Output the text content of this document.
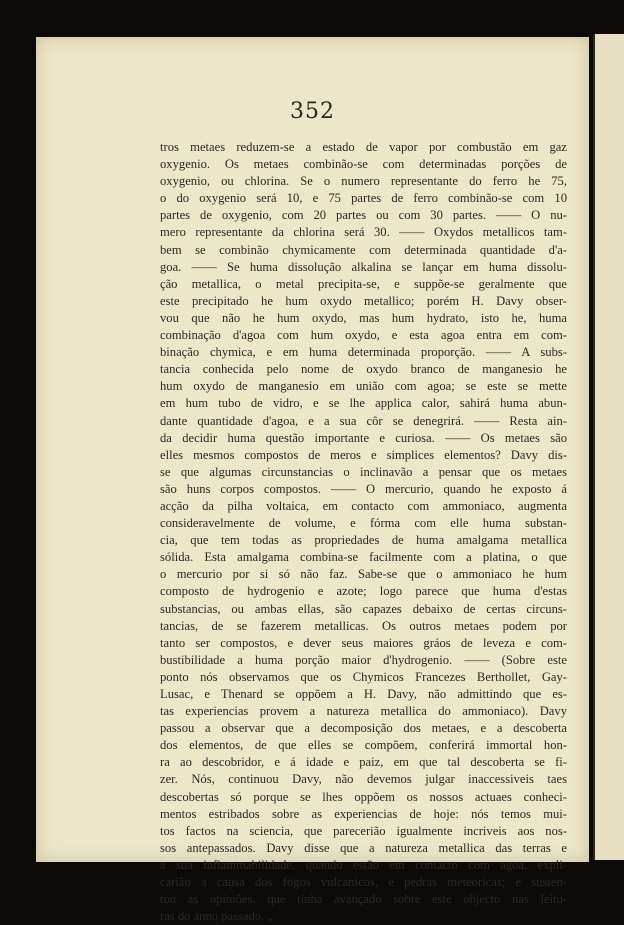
352
tros metaes reduzem-se a estado de vapor por combustão em gaz
oxygenio. Os metaes combinão-se com determinadas porções de
oxygenio, ou chlorina. Se o numero representante do ferro he 75,
o do oxygenio será 10, e 75 partes de ferro combinão-se com 10
partes de oxygenio, com 20 partes ou com 30 partes. —— O nu-
mero representante da chlorina será 30. —— Oxydos metallicos tam-
bem se combinão chymicamente com determinada quantidade d'a-
goa. —— Se huma dissolução alkalina se lançar em huma dissolu-
ção metallica, o metal precipita-se, e suppõe-se geralmente que
este precipitado he hum oxydo metallico; porém H. Davy obser-
vou que não he hum oxydo, mas hum hydrato, isto he, huma
combinação d'agoa com hum oxydo, e esta agoa entra em com-
binação chymica, e em huma determinada proporção. —— A subs-
tancia conhecida pelo nome de oxydo branco de manganesio he
hum oxydo de manganesio em união com agoa; se este se mette
em hum tubo de vidro, e se lhe applica calor, sahirá huma abun-
dante quantidade d'agoa, e a sua côr se denegrirá. —— Resta ain-
da decidir huma questão importante e curiosa. —— Os metaes são
elles mesmos compostos de meros e simplices elementos? Davy dis-
se que algumas circunstancias o inclinavão a pensar que os metaes
são huns corpos compostos. —— O mercurio, quando he exposto á
acção da pilha voltaica, em contacto com ammoniaco, augmenta
consideravelmente de volume, e fórma com elle huma substan-
cia, que tem todas as propriedades de huma amalgama metallica
sólida. Esta amalgama combina-se facilmente com a platina, o que
o mercurio por si só não faz. Sabe-se que o ammoniaco he hum
composto de hydrogenio e azote; logo parece que huma d'estas
substancias, ou ambas ellas, são capazes debaixo de certas circuns-
tancias, de se fazerem metallicas. Os outros metaes podem por
tanto ser compostos, e dever seus maiores gráos de leveza e com-
bustibilidade a huma porção maior d'hydrogenio. —— (Sobre este
ponto nós observamos que os Chymicos Francezes Berthollet, Gay-
Lusac, e Thenard se oppõem a H. Davy, não admittindo que es-
tas experiencias provem a natureza metallica do ammoniaco). Davy
passou a observar que a decomposição dos metaes, e a descoberta
dos elementos, de que elles se compõem, conferirá immortal hon-
ra ao descobridor, e á idade e paiz, em que tal descoberta se fi-
zer. Nós, continuou Davy, não devemos julgar inaccessiveis taes
descobertas só porque se lhes oppõem os nossos actuaes conheci-
mentos estribados sobre as experiencias de hoje: nós temos mui-
tos factos na sciencia, que parecerião igualmente incriveis aos nos-
sos antepassados. Davy disse que a natureza metallica das terras e
a sua inflammabilidade, quando estão em contacto com agoa, expli-
carião a causa dos fógos vulcanicos, e pedras meteoricas; e susten-
tou as opiniões, que tinha avançado sobre este objecto nas leitu-
ras do anno passado. „
